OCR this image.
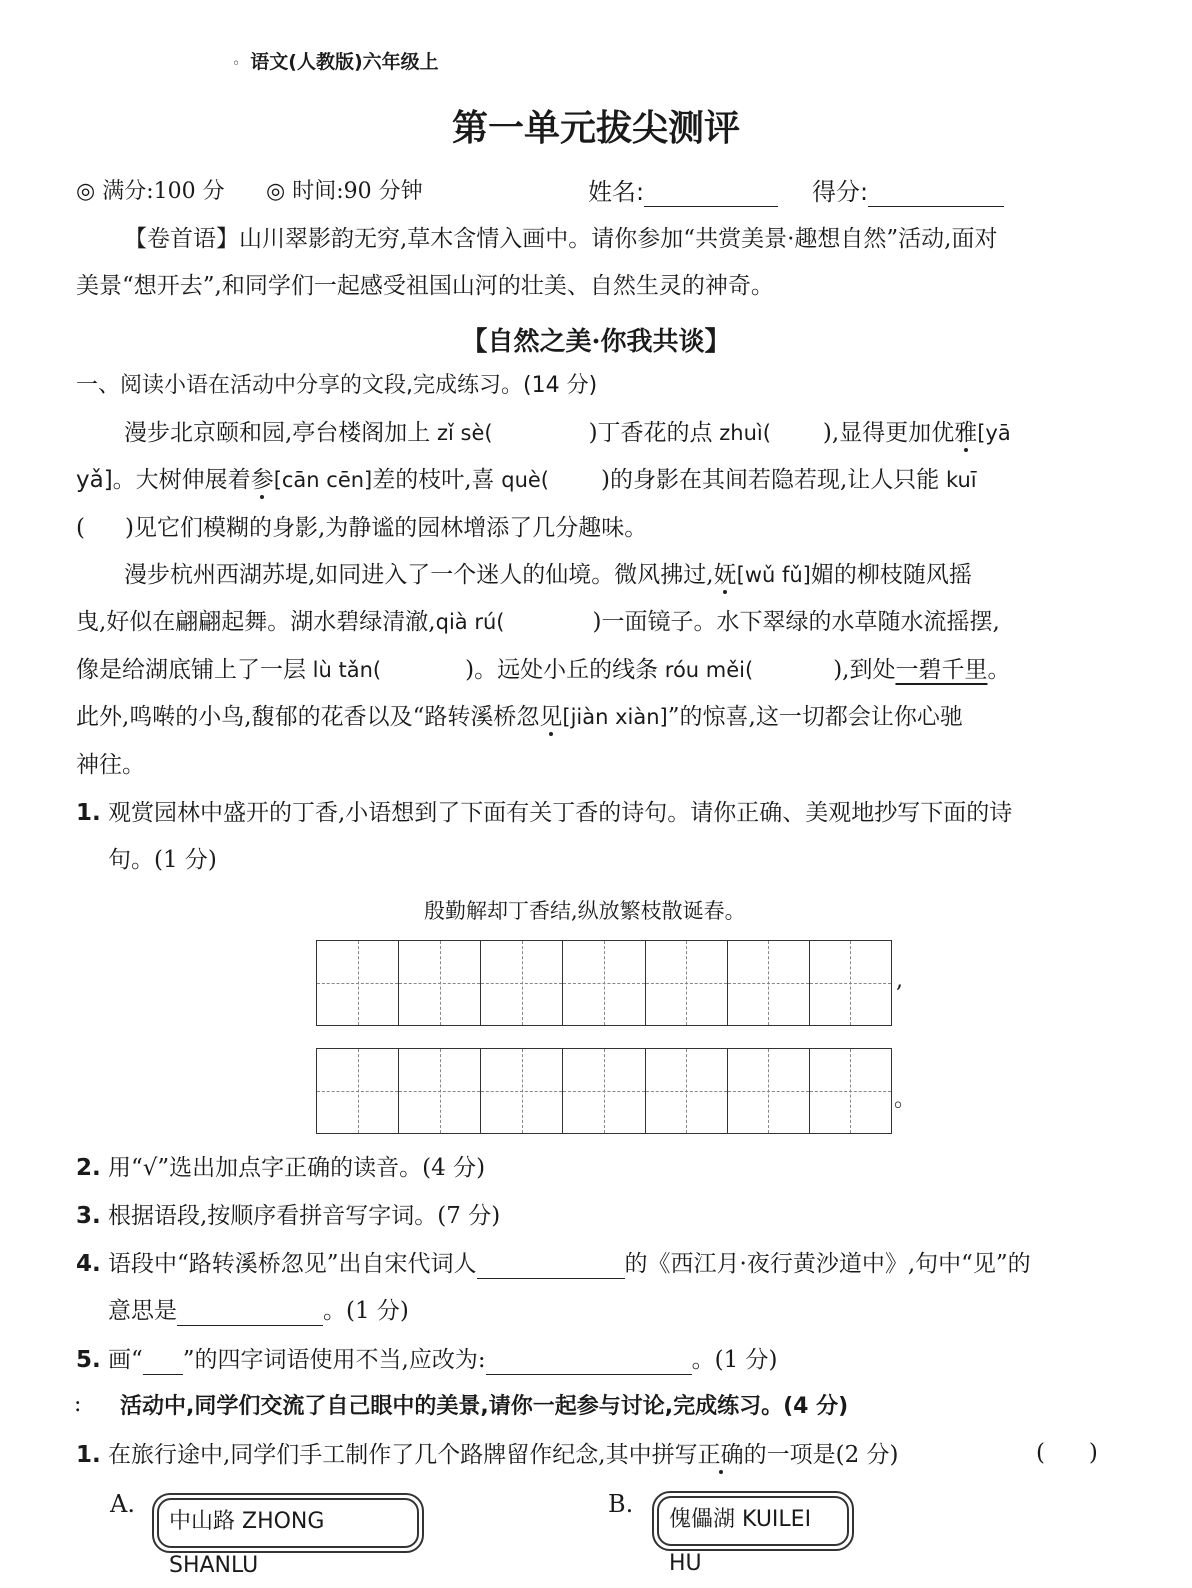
◦ 语文(人教版)六年级上
第一单元拔尖测评
◎ 满分:100 分 ◎ 时间:90 分钟	姓名:	得分:
【卷首语】山川翠影韵无穷,草木含情入画中。请你参加“共赏美景·趣想自然”活动,面对
美景“想开去”,和同学们一起感受祖国山河的壮美、自然生灵的神奇。
【自然之美·你我共谈】
一、阅读小语在活动中分享的文段,完成练习。(14 分)
漫步北京颐和园,亭台楼阁加上 zǐ sè(	)丁香花的点 zhuì( ),显得更加优雅[yā
yǎ]。大树伸展着参[cān cēn]差的枝叶,喜 què( )的身影在其间若隐若现,让人只能 kuī
( )见它们模糊的身影,为静谧的园林增添了几分趣味。
漫步杭州西湖苏堤,如同进入了一个迷人的仙境。微风拂过,妩[wǔ fǔ]媚的柳枝随风摇
曳,好似在翩翩起舞。湖水碧绿清澈,qià rú(	)一面镜子。水下翠绿的水草随水流摇摆,
像是给湖底铺上了一层 lù tǎn(	)。远处小丘的线条 róu měi(	),到处一碧千里。
此外,鸣啭的小鸟,馥郁的花香以及“路转溪桥忽见[jiàn xiàn]”的惊喜,这一切都会让你心驰
神往。
1. 观赏园林中盛开的丁香,小语想到了下面有关丁香的诗句。请你正确、美观地抄写下面的诗
句。(1 分)
殷勤解却丁香结,纵放繁枝散诞春。
,
。
2. 用“√”选出加点字正确的读音。(4 分)
3. 根据语段,按顺序看拼音写字词。(7 分)
4. 语段中“路转溪桥忽见”出自宋代词人	的《西江月·夜行黄沙道中》,句中“见”的
意思是	。(1 分)
5. 画“ ”的四字词语使用不当,应改为:	。(1 分)
: 活动中,同学们交流了自己眼中的美景,请你一起参与讨论,完成练习。(4 分)
1. 在旅行途中,同学们手工制作了几个路牌留作纪念,其中拼写正确的一项是(2 分)	(      )
A.
中山路 ZHONG SHANLU
B.
傀儡湖 KUILEI HU
